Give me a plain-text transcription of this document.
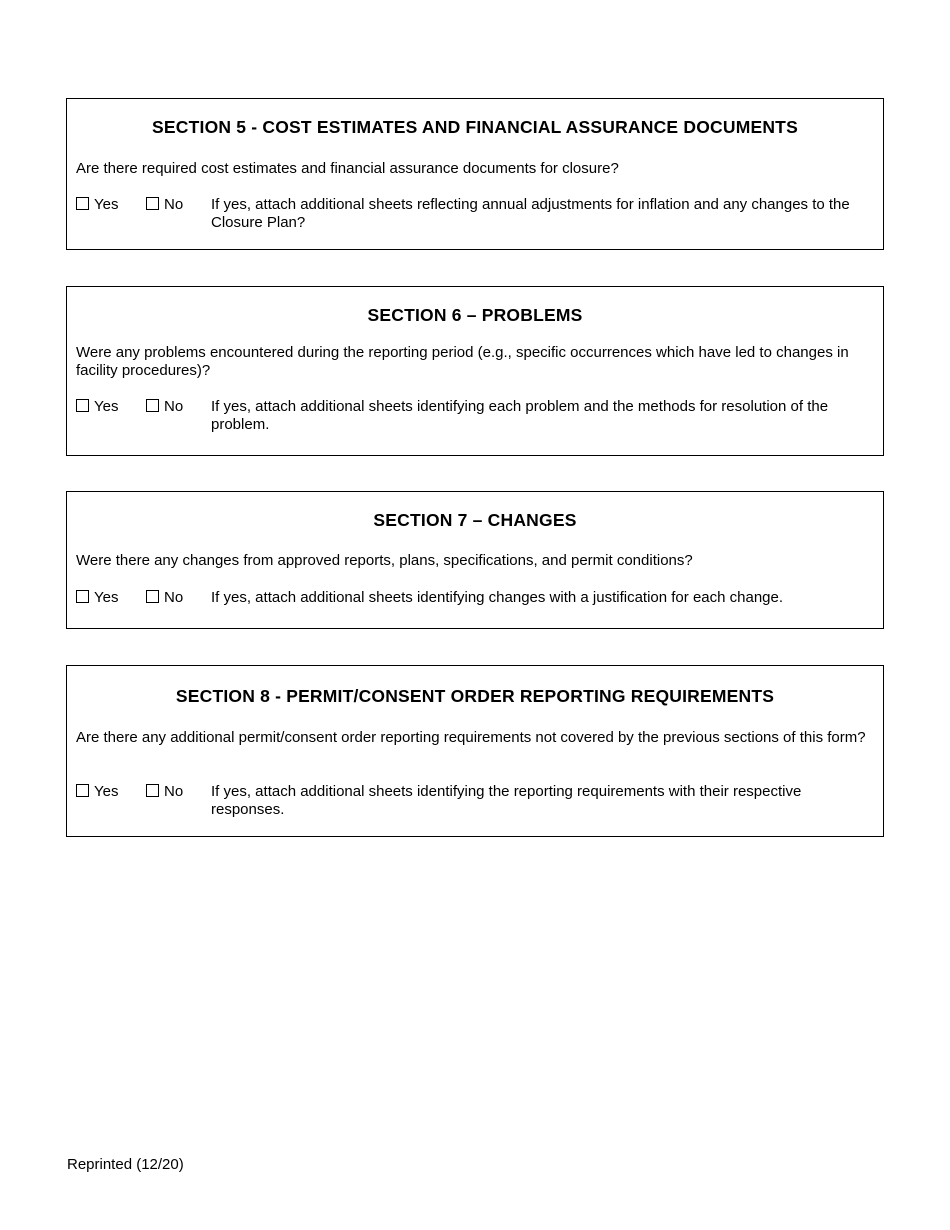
SECTION 5 - COST ESTIMATES AND FINANCIAL ASSURANCE DOCUMENTS

Are there required cost estimates and financial assurance documents for closure?

Yes	No If yes, attach additional sheets reflecting annual adjustments for inflation and any changes to the Closure Plan?
SECTION 6 – PROBLEMS

Were any problems encountered during the reporting period (e.g., specific occurrences which have led to changes in facility procedures)?

Yes	No If yes, attach additional sheets identifying each problem and the methods for resolution of the problem.
SECTION 7 – CHANGES

Were there any changes from approved reports, plans, specifications, and permit conditions?

Yes	No If yes, attach additional sheets identifying changes with a justification for each change.
SECTION 8 - PERMIT/CONSENT ORDER REPORTING REQUIREMENTS

Are there any additional permit/consent order reporting requirements not covered by the previous sections of this form?

Yes	No If yes, attach additional sheets identifying the reporting requirements with their respective responses.

Reprinted (12/20)
